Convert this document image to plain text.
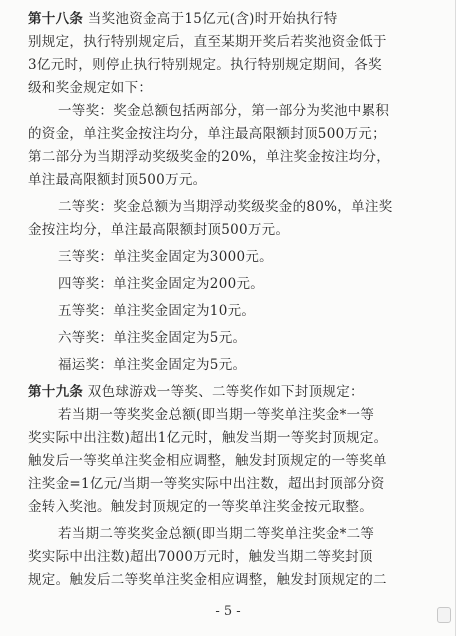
第十八条 当奖池资金高于15亿元(含)时开始执行特
别规定，执行特别规定后，直至某期开奖后若奖池资金低于
3亿元时，则停止执行特别规定。执行特别规定期间，各奖
级和奖金规定如下：
一等奖：奖金总额包括两部分，第一部分为奖池中累积
的资金，单注奖金按注均分，单注最高限额封顶500万元；
第二部分为当期浮动奖级奖金的20%，单注奖金按注均分，
单注最高限额封顶500万元。
二等奖：奖金总额为当期浮动奖级奖金的80%，单注奖
金按注均分，单注最高限额封顶500万元。
三等奖：单注奖金固定为3000元。
四等奖：单注奖金固定为200元。
五等奖：单注奖金固定为10元。
六等奖：单注奖金固定为5元。
福运奖：单注奖金固定为5元。
第十九条 双色球游戏一等奖、二等奖作如下封顶规定：
若当期一等奖奖金总额(即当期一等奖单注奖金*一等
奖实际中出注数)超出1亿元时，触发当期一等奖封顶规定。
触发后一等奖单注奖金相应调整，触发封顶规定的一等奖单
注奖金=1亿元/当期一等奖实际中出注数，超出封顶部分资
金转入奖池。触发封顶规定的一等奖单注奖金按元取整。
若当期二等奖奖金总额(即当期二等奖单注奖金*二等
奖实际中出注数)超出7000万元时，触发当期二等奖封顶
规定。触发后二等奖单注奖金相应调整，触发封顶规定的二
- 5 -
